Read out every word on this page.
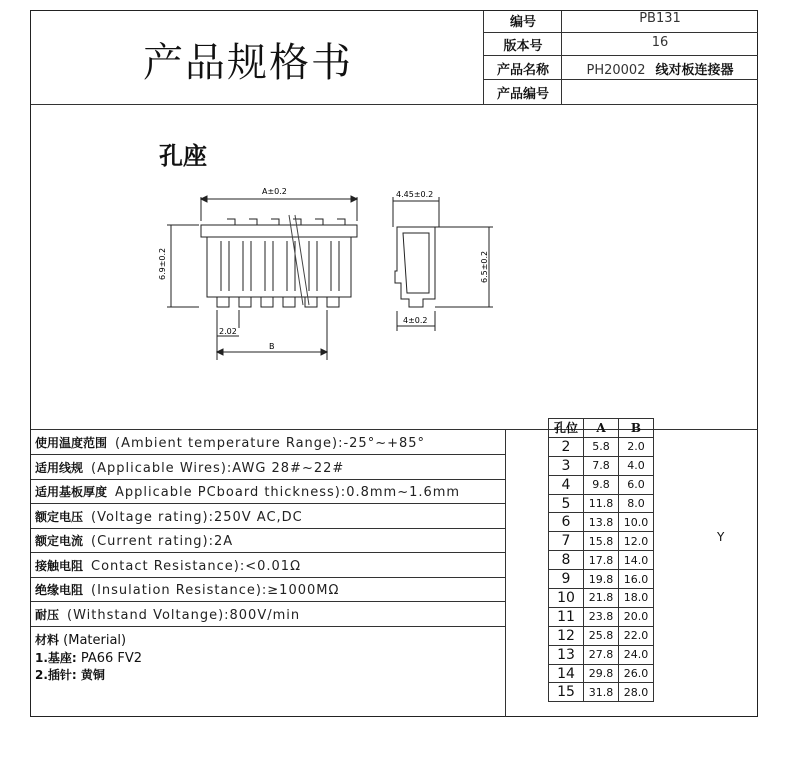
产品规格书
编号	PB131
版本号	16
产品名称	PH20002 线对板连接器
产品编号
孔座
A±0.2
6.9±0.2
2.02
B
4.45±0.2
6.5±0.2
4±0.2
使用温度范围 (Ambient temperature Range):-25°~+85°
适用线规 (Applicable Wires):AWG 28#~22#
适用基板厚度 Applicable PCboard thickness):0.8mm~1.6mm
额定电压 (Voltage rating):250V AC,DC
额定电流 (Current rating):2A
接触电阻 Contact Resistance):<0.01Ω
绝缘电阻 (Insulation Resistance):≥1000MΩ
耐压 (Withstand Voltange):800V/min
材料 (Material)
1.基座: PA66 FV2
2.插针: 黄铜
Y
孔位	A	B
2	5.8	2.0
3	7.8	4.0
4	9.8	6.0
5	11.8	8.0
6	13.8	10.0
7	15.8	12.0
8	17.8	14.0
9	19.8	16.0
10	21.8	18.0
11	23.8	20.0
12	25.8	22.0
13	27.8	24.0
14	29.8	26.0
15	31.8	28.0
